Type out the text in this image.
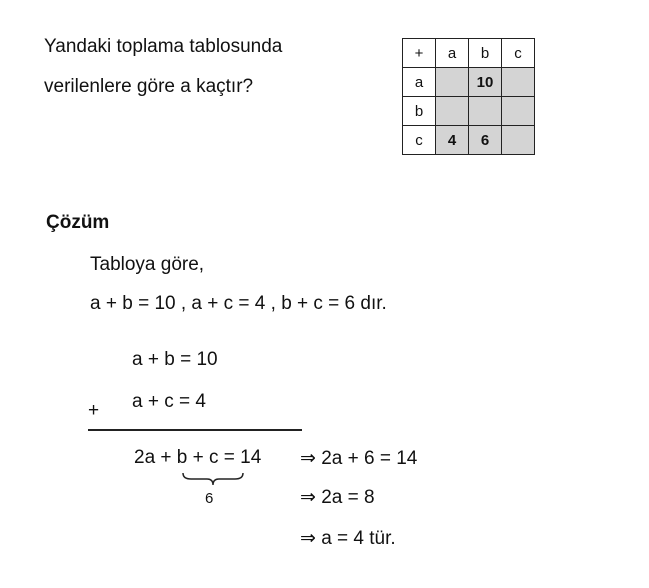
Yandaki toplama tablosunda
verilenlere göre a kaçtır?
+	a	b	c
a		10	
b			
c	4	6	
Çözüm
Tabloya göre,
a + b = 10 , a + c = 4 , b + c = 6 dır.
a + b = 10
a + c = 4
+
2a + b + c = 14 ⇒ 2a + 6 = 14
6	⇒ 2a = 8
⇒ a = 4 tür.
